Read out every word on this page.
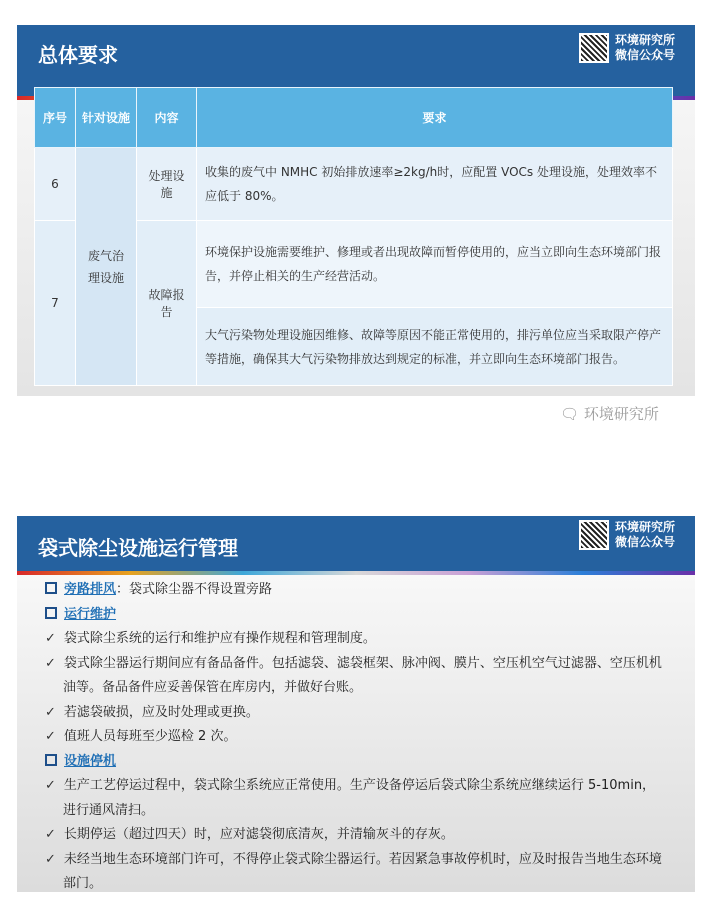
总体要求
环境研究所
微信公众号
序号	针对设施	内容	要求
6	废气治理设施	处理设施	收集的废气中 NMHC 初始排放速率≥2kg/h时，应配置 VOCs 处理设施，处理效率不应低于 80%。
7		故障报告	环境保护设施需要维护、修理或者出现故障而暂停使用的，应当立即向生态环境部门报告，并停止相关的生产经营活动。
			大气污染物处理设施因维修、故障等原因不能正常使用的，排污单位应当采取限产停产等措施，确保其大气污染物排放达到规定的标准，并立即向生态环境部门报告。
🗨 环境研究所
袋式除尘设施运行管理
环境研究所
微信公众号
旁路排风：袋式除尘器不得设置旁路
运行维护
✓ 袋式除尘系统的运行和维护应有操作规程和管理制度。
✓ 袋式除尘器运行期间应有备品备件。包括滤袋、滤袋框架、脉冲阀、膜片、空压机空气过滤器、空压机机油等。备品备件应妥善保管在库房内，并做好台账。
✓ 若滤袋破损，应及时处理或更换。
✓ 值班人员每班至少巡检 2 次。
设施停机
✓ 生产工艺停运过程中，袋式除尘系统应正常使用。生产设备停运后袋式除尘系统应继续运行 5-10min，进行通风清扫。
✓ 长期停运（超过四天）时，应对滤袋彻底清灰，并清输灰斗的存灰。
✓ 未经当地生态环境部门许可，不得停止袋式除尘器运行。若因紧急事故停机时，应及时报告当地生态环境部门。
